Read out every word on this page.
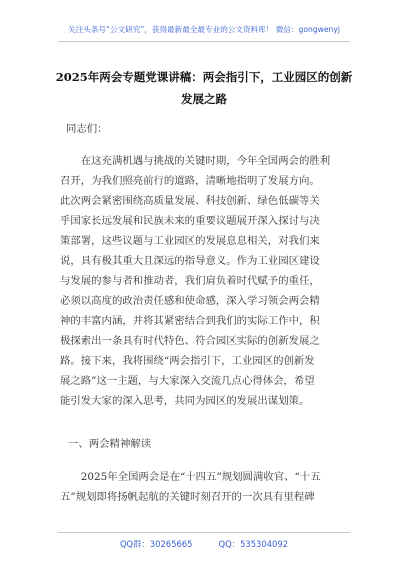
关注头条号“公文研究”，获得最新最全最专业的公文资料库！ 微信：gongwenyj
2025年两会专题党课讲稿：两会指引下，工业园区的创新
发展之路
同志们：
　　在这充满机遇与挑战的关键时期，今年全国两会的胜利
召开，为我们照亮前行的道路，清晰地指明了发展方向。
此次两会紧密围绕高质量发展、科技创新、绿色低碳等关
乎国家长远发展和民族未来的重要议题展开深入探讨与决
策部署，这些议题与工业园区的发展息息相关，对我们来
说，具有极其重大且深远的指导意义。作为工业园区建设
与发展的参与者和推动者，我们肩负着时代赋予的重任，
必须以高度的政治责任感和使命感，深入学习领会两会精
神的丰富内涵，并将其紧密结合到我们的实际工作中，积
极探索出一条具有时代特色、符合园区实际的创新发展之
路。接下来，我将围绕“两会指引下，工业园区的创新发
展之路”这一主题，与大家深入交流几点心得体会，希望
能引发大家的深入思考，共同为园区的发展出谋划策。
一、两会精神解读
　　2025年全国两会是在“十四五”规划圆满收官、“十五
五”规划即将扬帆起航的关键时刻召开的一次具有里程碑
QQ群：30265665	QQ：535304092
